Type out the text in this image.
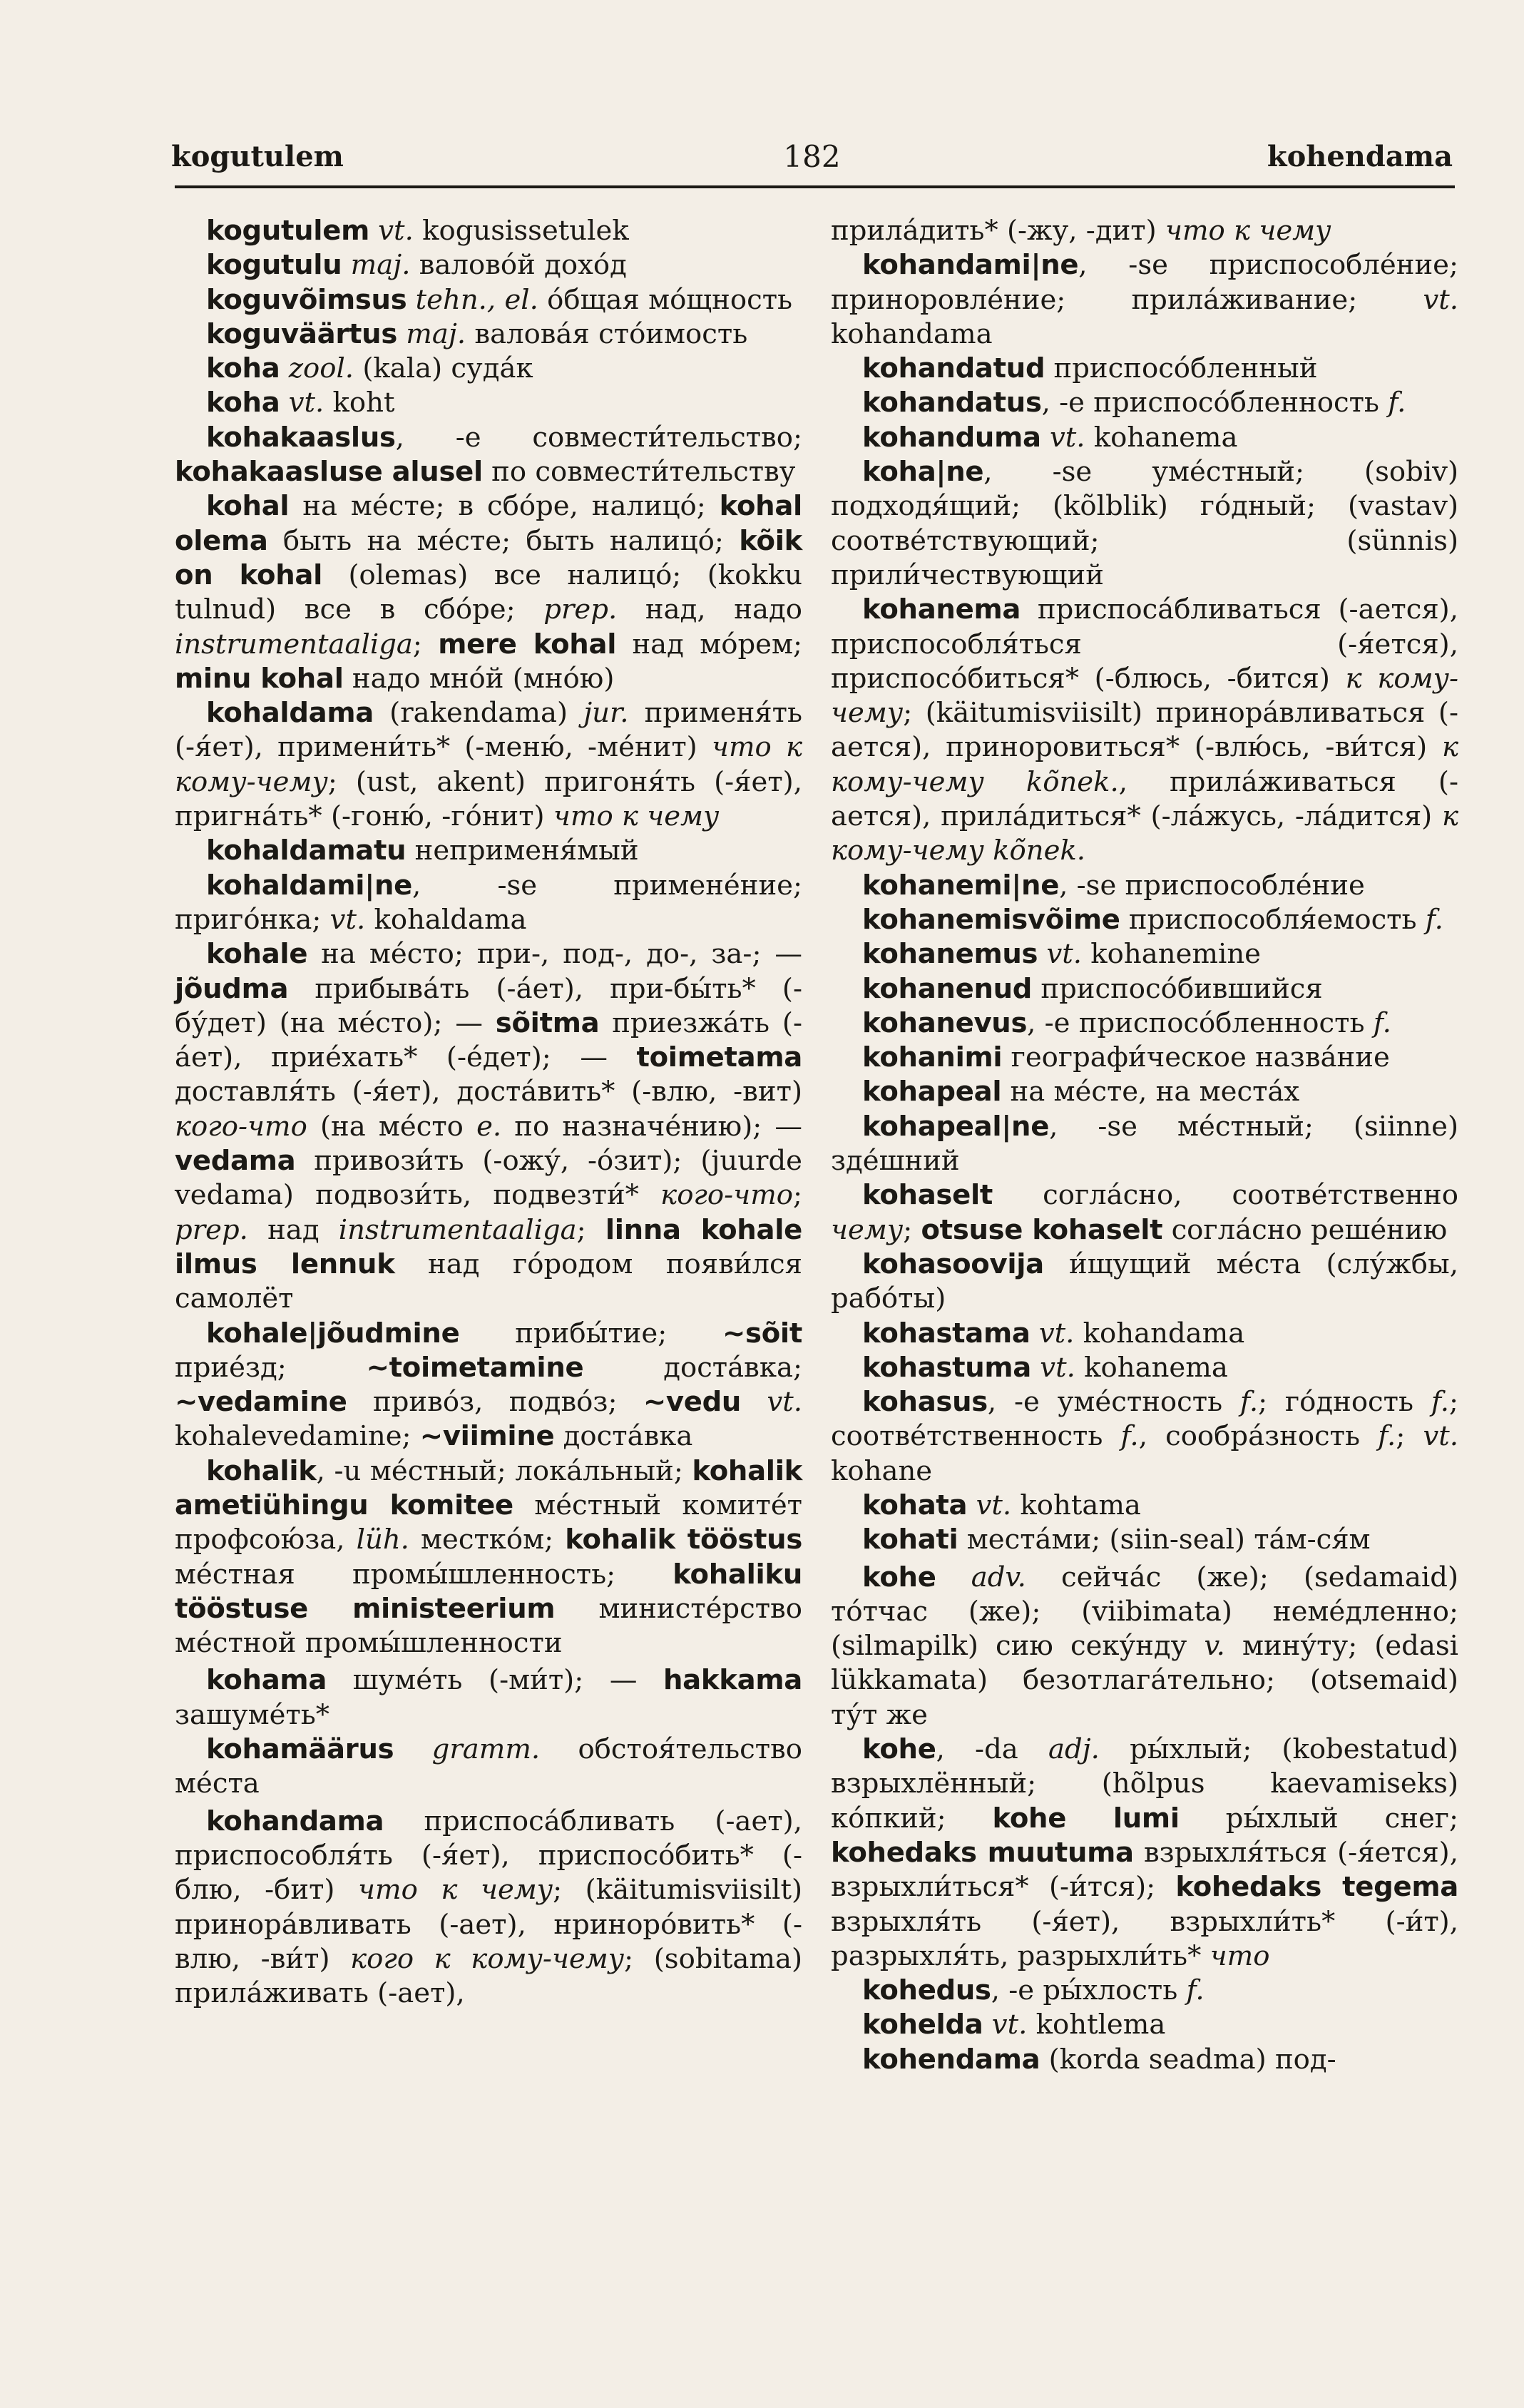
182
kogutulem	kohendama

kogutulem vt. kogusissetulek

kogutulu maj. валово́й дохо́д

koguvõimsus tehn., el. о́бщая мо́щность

koguväärtus maj. валова́я сто́имость

koha zool. (kala) суда́к

koha vt. koht

kohakaaslus, -e совмести́тельство; kohakaasluse alusel по совмести́тельству

kohal на ме́сте; в сбо́ре, налицо́; kohal olema быть на ме́сте; быть налицо́; kõik on kohal (olemas) все налицо́; (kokku tulnud) все в сбо́ре; prep. над, надо instrumentaaliga; mere kohal над мо́рем; minu kohal надо мно́й (мно́ю)

kohaldama (rakendama) jur. применя́ть (-я́ет), примени́ть* (-меню́, -ме́нит) что к кому-чему; (ust, akent) пригоня́ть (-я́ет), пригна́ть* (-гоню́, -го́нит) что к чему

kohaldamatu неприменя́мый

kohaldami|ne, -se примене́ние; приго́нка; vt. kohaldama

kohale на ме́сто; при-, под-, до-, за-; — jõudma прибыва́ть (-а́ет), при-бы́ть* (-бу́дет) (на ме́сто); — sõitma приезжа́ть (-а́ет), прие́хать* (-е́дет); — toimetama доставля́ть (-я́ет), доста́вить* (-влю, -вит) кого-что (на ме́сто e. по назначе́нию); — vedama привози́ть (-ожу́, -о́зит); (juurde vedama) подвози́ть, подвезти́* кого-что; prep. над instrumentaaliga; linna kohale ilmus lennuk над го́родом появи́лся самолёт

kohale|jõudmine прибы́тие; ~sõit прие́зд; ~toimetamine доста́вка; ~vedamine приво́з, подво́з; ~vedu vt. kohalevedamine; ~viimine доста́вка

kohalik, -u ме́стный; лока́льный; kohalik ametiühingu komitee ме́стный комите́т профсою́за, lüh. местко́м; kohalik tööstus ме́стная промы́шленность; kohaliku tööstuse ministeerium министе́рство ме́стной промы́шленности

kohama шуме́ть (-ми́т); — hakkama зашуме́ть*

kohamäärus gramm. обстоя́тельство ме́ста

kohandama приспоса́бливать (-ает), приспособля́ть (-я́ет), приспосо́бить* (-блю, -бит) что к чему; (käitumisviisilt) принора́вливать (-ает), нриноро́вить* (-влю, -ви́т) кого к кому-чему; (sobitama) прила́живать (-ает),

прила́дить* (-жу, -дит) что к чему

kohandami|ne, -se приспособле́ние; приноровле́ние; прила́живание; vt. kohandama

kohandatud приспосо́бленный

kohandatus, -e приспосо́бленность f.

kohanduma vt. kohanema

koha|ne, -se уме́стный; (sobiv) подходя́щий; (kõlblik) го́дный; (vastav) соотве́тствующий; (sünnis) прили́чествующий

kohanema приспоса́бливаться (-ается), приспособля́ться (-я́ется), приспосо́биться* (-блюсь, -бится) к кому-чему; (käitumisviisilt) принора́вливаться (-ается), приноровиться* (-влю́сь, -ви́тся) к кому-чему kõnek., прила́живаться (-ается), прила́диться* (-ла́жусь, -ла́дится) к кому-чему kõnek.

kohanemi|ne, -se приспособле́ние

kohanemisvõime приспособля́емость f.

kohanemus vt. kohanemine

kohanenud приспосо́бившийся

kohanevus, -e приспосо́бленность f.

kohanimi географи́ческое назва́ние

kohapeal на ме́сте, на места́х

kohapeal|ne, -se ме́стный; (siinne) зде́шний

kohaselt согла́сно, соотве́тственно чему; otsuse kohaselt согла́сно реше́нию

kohasoovija и́щущий ме́ста (слу́жбы, рабо́ты)

kohastama vt. kohandama

kohastuma vt. kohanema

kohasus, -e уме́стность f.; го́дность f.; соотве́тственность f., сообра́зность f.; vt. kohane

kohata vt. kohtama

kohati места́ми; (siin-seal) та́м-ся́м

kohe adv. сейча́с (же); (sedamaid) то́тчас (же); (viibimata) неме́дленно; (silmapilk) сию секу́нду v. мину́ту; (edasi lükkamata) безотлага́тельно; (otsemaid) ту́т же

kohe, -da adj. ры́хлый; (kobestatud) взрыхлённый; (hõlpus kaevamiseks) ко́пкий; kohe lumi ры́хлый снег; kohedaks muutuma взрыхля́ться (-я́ется), взрыхли́ться* (-и́тся); kohedaks tegema взрыхля́ть (-я́ет), взрыхли́ть* (-и́т), разрыхля́ть, разрыхли́ть* что

kohedus, -e ры́хлость f.

kohelda vt. kohtlema

kohendama (korda seadma) под-
